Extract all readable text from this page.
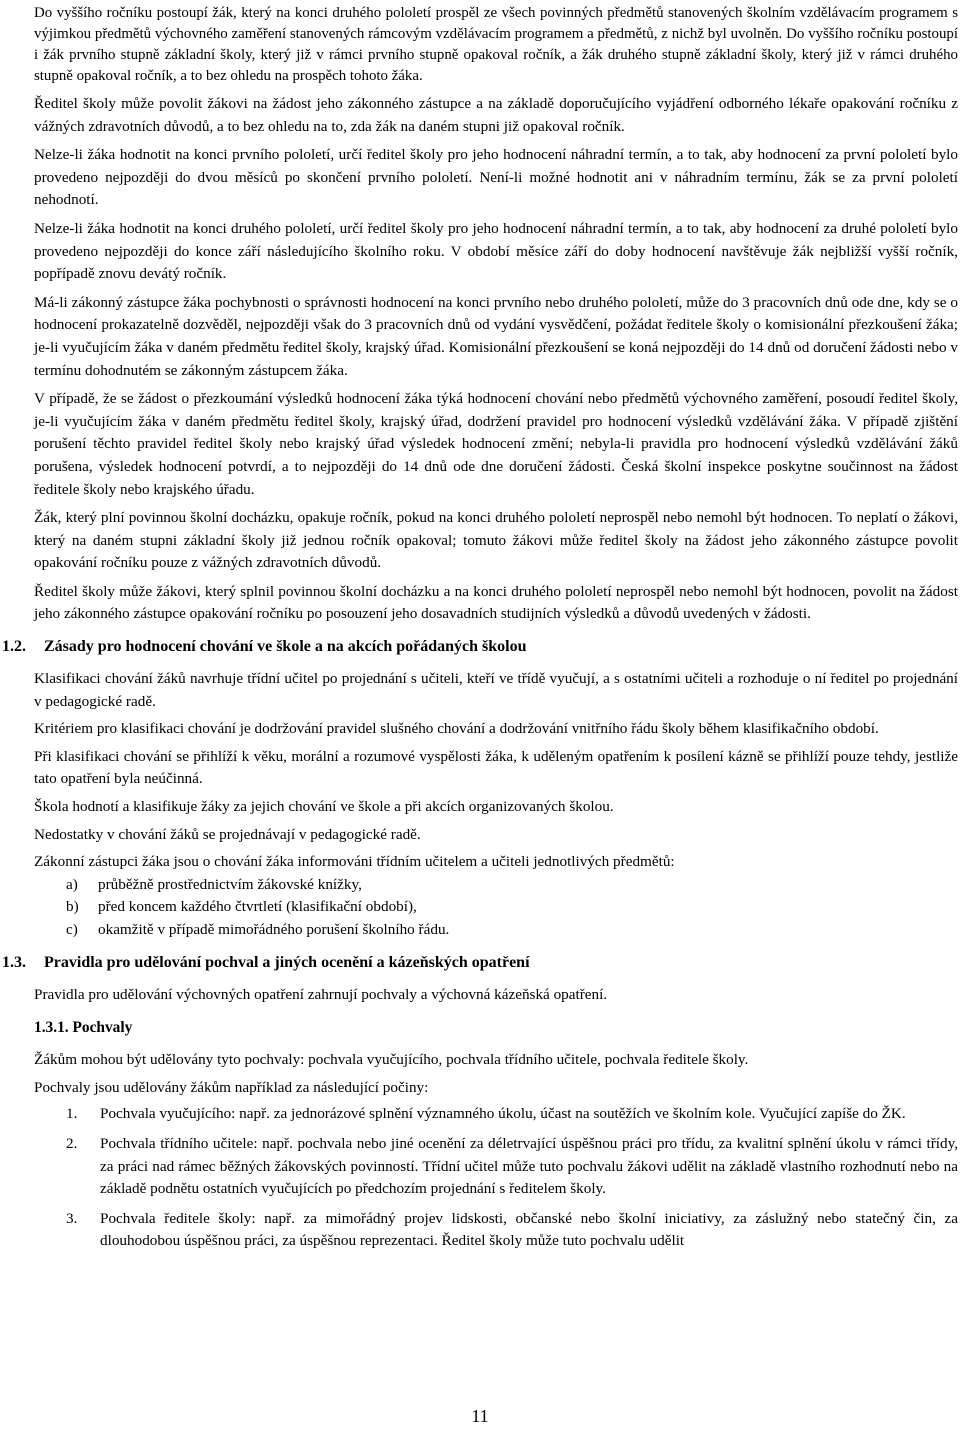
Do vyššího ročníku postoupí žák, který na konci druhého pololetí prospěl ze všech povinných předmětů stanovených školním vzdělávacím programem s výjimkou předmětů výchovného zaměření stanovených rámcovým vzdělávacím programem a předmětů, z nichž byl uvolněn. Do vyššího ročníku postoupí i žák prvního stupně základní školy, který již v rámci prvního stupně opakoval ročník, a žák druhého stupně základní školy, který již v rámci druhého stupně opakoval ročník, a to bez ohledu na prospěch tohoto žáka.

Ředitel školy může povolit žákovi na žádost jeho zákonného zástupce a na základě doporučujícího vyjádření odborného lékaře opakování ročníku z vážných zdravotních důvodů, a to bez ohledu na to, zda žák na daném stupni již opakoval ročník.

Nelze-li žáka hodnotit na konci prvního pololetí, určí ředitel školy pro jeho hodnocení náhradní termín, a to tak, aby hodnocení za první pololetí bylo provedeno nejpozději do dvou měsíců po skončení prvního pololetí. Není-li možné hodnotit ani v náhradním termínu, žák se za první pololetí nehodnotí.

Nelze-li žáka hodnotit na konci druhého pololetí, určí ředitel školy pro jeho hodnocení náhradní termín, a to tak, aby hodnocení za druhé pololetí bylo provedeno nejpozději do konce září následujícího školního roku. V období měsíce září do doby hodnocení navštěvuje žák nejbližší vyšší ročník, popřípadě znovu devátý ročník.

Má-li zákonný zástupce žáka pochybnosti o správnosti hodnocení na konci prvního nebo druhého pololetí, může do 3 pracovních dnů ode dne, kdy se o hodnocení prokazatelně dozvěděl, nejpozději však do 3 pracovních dnů od vydání vysvědčení, požádat ředitele školy o komisionální přezkoušení žáka; je-li vyučujícím žáka v daném předmětu ředitel školy, krajský úřad. Komisionální přezkoušení se koná nejpozději do 14 dnů od doručení žádosti nebo v termínu dohodnutém se zákonným zástupcem žáka.

V případě, že se žádost o přezkoumání výsledků hodnocení žáka týká hodnocení chování nebo předmětů výchovného zaměření, posoudí ředitel školy, je-li vyučujícím žáka v daném předmětu ředitel školy, krajský úřad, dodržení pravidel pro hodnocení výsledků vzdělávání žáka. V případě zjištění porušení těchto pravidel ředitel školy nebo krajský úřad výsledek hodnocení změní; nebyla-li pravidla pro hodnocení výsledků vzdělávání žáků porušena, výsledek hodnocení potvrdí, a to nejpozději do 14 dnů ode dne doručení žádosti. Česká školní inspekce poskytne součinnost na žádost ředitele školy nebo krajského úřadu.

Žák, který plní povinnou školní docházku, opakuje ročník, pokud na konci druhého pololetí neprospěl nebo nemohl být hodnocen. To neplatí o žákovi, který na daném stupni základní školy již jednou ročník opakoval; tomuto žákovi může ředitel školy na žádost jeho zákonného zástupce povolit opakování ročníku pouze z vážných zdravotních důvodů.

Ředitel školy může žákovi, který splnil povinnou školní docházku a na konci druhého pololetí neprospěl nebo nemohl být hodnocen, povolit na žádost jeho zákonného zástupce opakování ročníku po posouzení jeho dosavadních studijních výsledků a důvodů uvedených v žádosti.

1.2. Zásady pro hodnocení chování ve škole a na akcích pořádaných školou

Klasifikaci chování žáků navrhuje třídní učitel po projednání s učiteli, kteří ve třídě vyučují, a s ostatními učiteli a rozhoduje o ní ředitel po projednání v pedagogické radě.

Kritériem pro klasifikaci chování je dodržování pravidel slušného chování a dodržování vnitřního řádu školy během klasifikačního období.

Při klasifikaci chování se přihlíží k věku, morální a rozumové vyspělosti žáka, k uděleným opatřením k posílení kázně se přihlíží pouze tehdy, jestliže tato opatření byla neúčinná.

Škola hodnotí a klasifikuje žáky za jejich chování ve škole a při akcích organizovaných školou.

Nedostatky v chování žáků se projednávají v pedagogické radě.

Zákonní zástupci žáka jsou o chování žáka informováni třídním učitelem a učiteli jednotlivých předmětů:

a) průběžně prostřednictvím žákovské knížky,
b) před koncem každého čtvrtletí (klasifikační období),
c) okamžitě v případě mimořádného porušení školního řádu.
1.3. Pravidla pro udělování pochval a jiných ocenění a kázeňských opatření

Pravidla pro udělování výchovných opatření zahrnují pochvaly a výchovná kázeňská opatření.

1.3.1. Pochvaly

Žákům mohou být udělovány tyto pochvaly: pochvala vyučujícího, pochvala třídního učitele, pochvala ředitele školy.

Pochvaly jsou udělovány žákům například za následující počiny:

1. Pochvala vyučujícího: např. za jednorázové splnění významného úkolu, účast na soutěžích ve školním kole. Vyučující zapíše do ŽK.
2. Pochvala třídního učitele: např. pochvala nebo jiné ocenění za déletrvající úspěšnou práci pro třídu, za kvalitní splnění úkolu v rámci třídy, za práci nad rámec běžných žákovských povinností. Třídní učitel může tuto pochvalu žákovi udělit na základě vlastního rozhodnutí nebo na základě podnětu ostatních vyučujících po předchozím projednání s ředitelem školy.
3. Pochvala ředitele školy: např. za mimořádný projev lidskosti, občanské nebo školní iniciativy, za záslužný nebo statečný čin, za dlouhodobou úspěšnou práci, za úspěšnou reprezentaci. Ředitel školy může tuto pochvalu udělit
11
